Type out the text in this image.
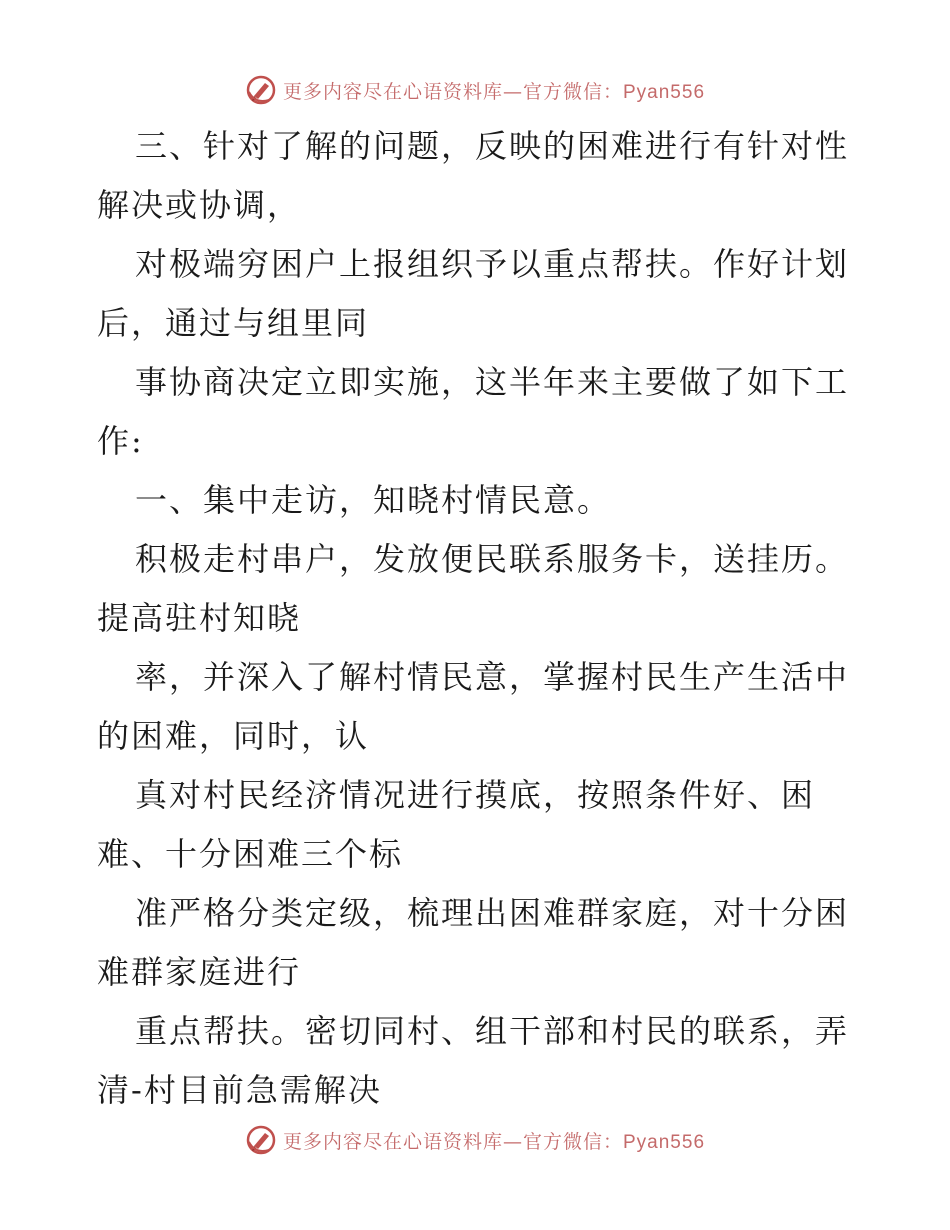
更多内容尽在心语资料库—官方微信：Pyan556
三、针对了解的问题，反映的困难进行有针对性
解决或协调，
对极端穷困户上报组织予以重点帮扶。作好计划
后，通过与组里同
事协商决定立即实施，这半年来主要做了如下工
作:
一、集中走访，知晓村情民意。
积极走村串户，发放便民联系服务卡，送挂历。
提高驻村知晓
率，并深入了解村情民意，掌握村民生产生活中
的困难，同时，认
真对村民经济情况进行摸底，按照条件好、困
难、十分困难三个标
准严格分类定级，梳理出困难群家庭，对十分困
难群家庭进行
重点帮扶。密切同村、组干部和村民的联系，弄
清-村目前急需解决
更多内容尽在心语资料库—官方微信：Pyan556
